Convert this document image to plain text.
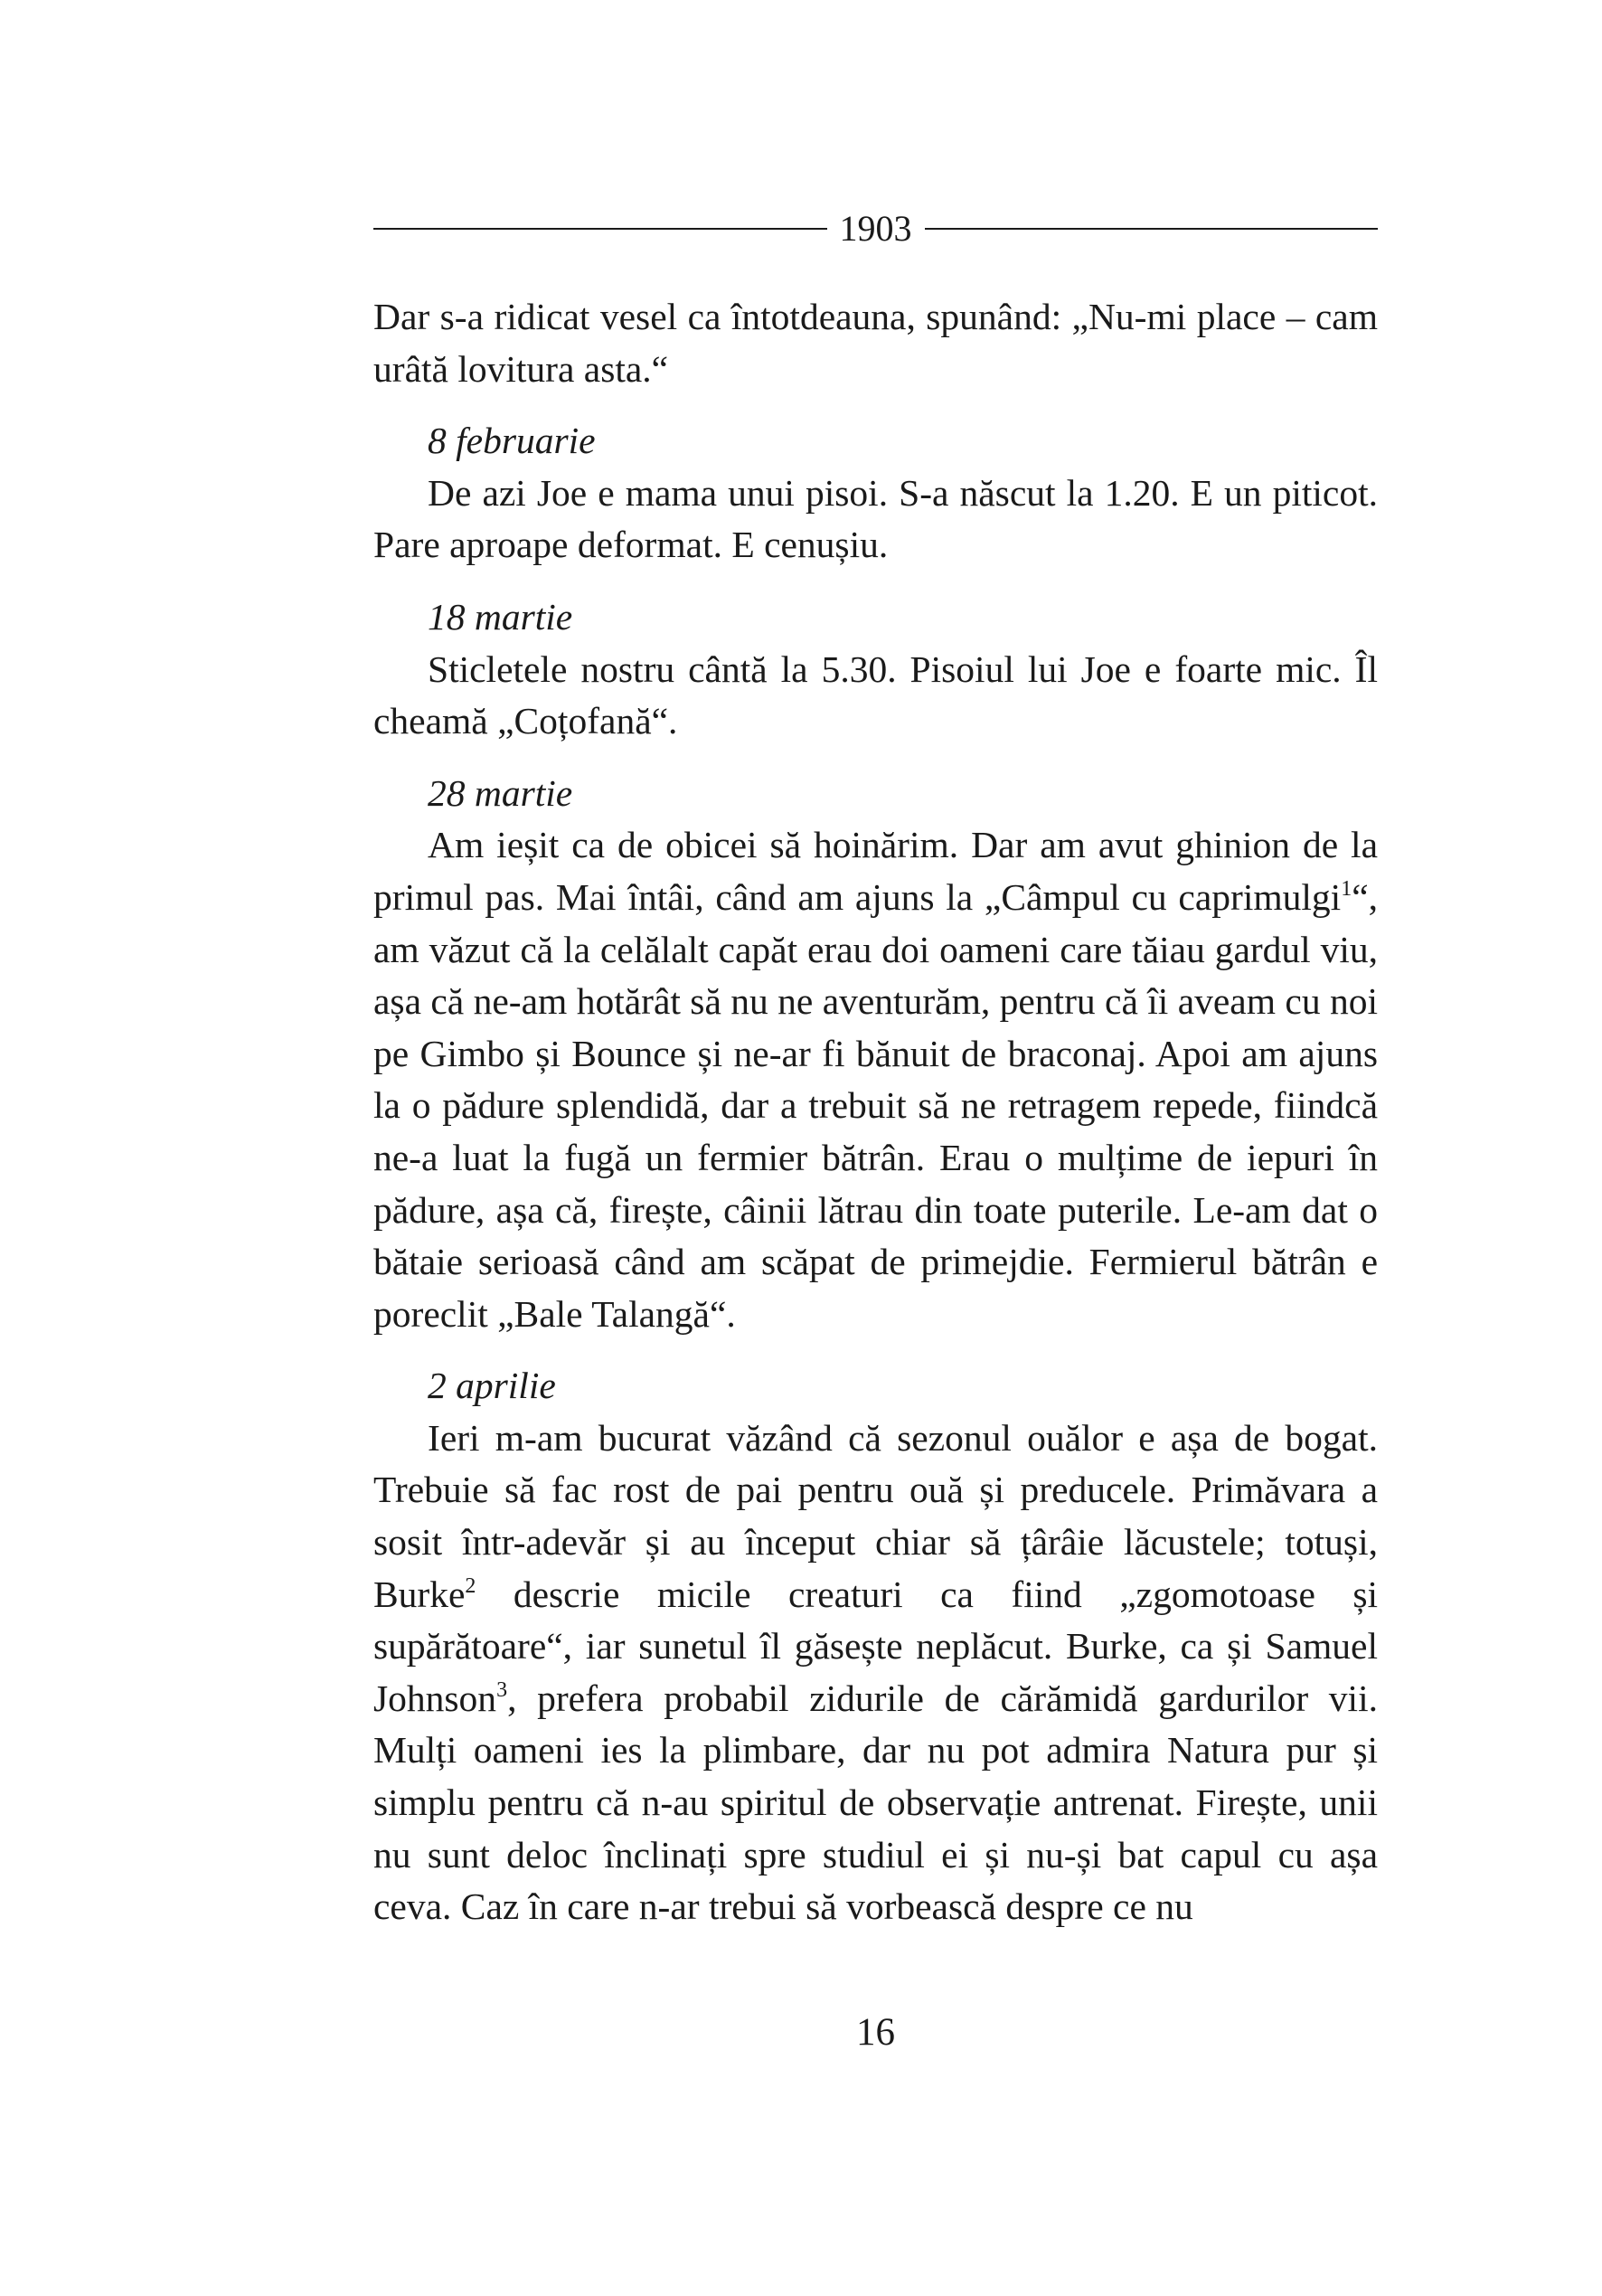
1903

Dar s-a ridicat vesel ca întotdeauna, spunând: „Nu-mi place – cam urâtă lovitura asta.“

8 februarie

De azi Joe e mama unui pisoi. S-a născut la 1.20. E un piticot. Pare aproape deformat. E cenușiu.

18 martie

Sticletele nostru cântă la 5.30. Pisoiul lui Joe e foarte mic. Îl cheamă „Coțofană“.

28 martie

Am ieșit ca de obicei să hoinărim. Dar am avut ghinion de la primul pas. Mai întâi, când am ajuns la „Câmpul cu caprimulgi$^1$“, am văzut că la celălalt capăt erau doi oameni care tăiau gardul viu, așa că ne-am hotărât să nu ne aventurăm, pentru că îi aveam cu noi pe Gimbo și Bounce și ne-ar fi bănuit de braconaj. Apoi am ajuns la o pădure splendidă, dar a trebuit să ne retragem repede, fiindcă ne-a luat la fugă un fermier bătrân. Erau o mulțime de iepuri în pădure, așa că, firește, câinii lătrau din toate puterile. Le-am dat o bătaie serioasă când am scăpat de primejdie. Fermierul bătrân e poreclit „Bale Talangă“.

2 aprilie

Ieri m-am bucurat văzând că sezonul ouălor e așa de bogat. Trebuie să fac rost de pai pentru ouă și preducele. Primăvara a sosit într-adevăr și au început chiar să țârâie lăcustele; totuși, Burke$^2$ descrie micile creaturi ca fiind „zgomotoase și supărătoare“, iar sunetul îl găsește neplăcut. Burke, ca și Samuel Johnson$^3$, prefera probabil zidurile de cărămidă gardurilor vii. Mulți oameni ies la plimbare, dar nu pot admira Natura pur și simplu pentru că n-au spiritul de observație antrenat. Firește, unii nu sunt deloc înclinați spre studiul ei și nu-și bat capul cu așa ceva. Caz în care n-ar trebui să vorbească despre ce nu

16
